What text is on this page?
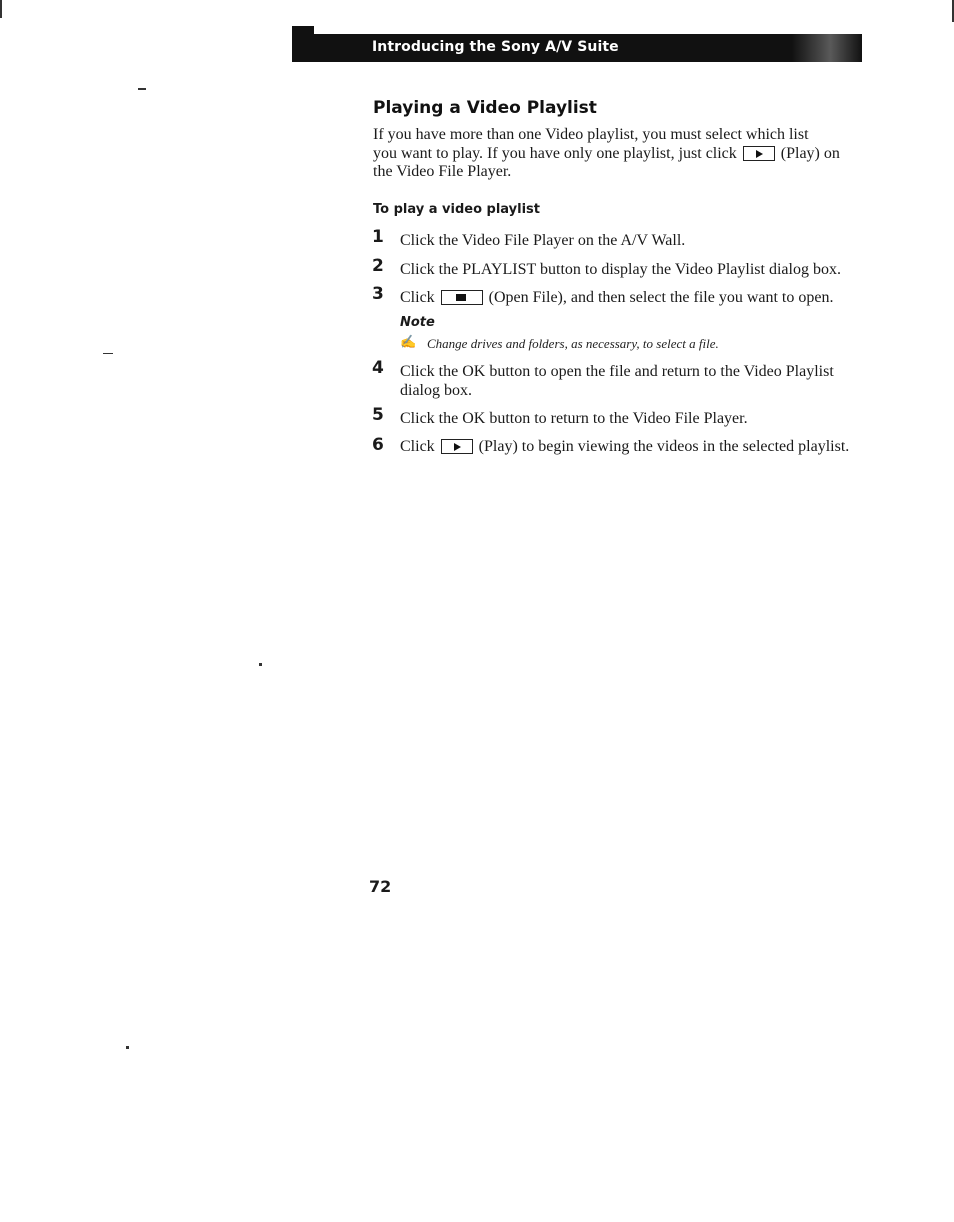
Introducing the Sony A/V Suite
Playing a Video Playlist
If you have more than one Video playlist, you must select which list
you want to play. If you have only one playlist, just click	(Play) on
the Video File Player.
To play a video playlist
1 Click the Video File Player on the A/V Wall.
2 Click the PLAYLIST button to display the Video Playlist dialog box.
3 Click	(Open File), and then select the file you want to open.
Note
✍ Change drives and folders, as necessary, to select a file.
4 Click the OK button to open the file and return to the Video Playlist
dialog box.
5 Click the OK button to return to the Video File Player.
6 Click	(Play) to begin viewing the videos in the selected playlist.
72
